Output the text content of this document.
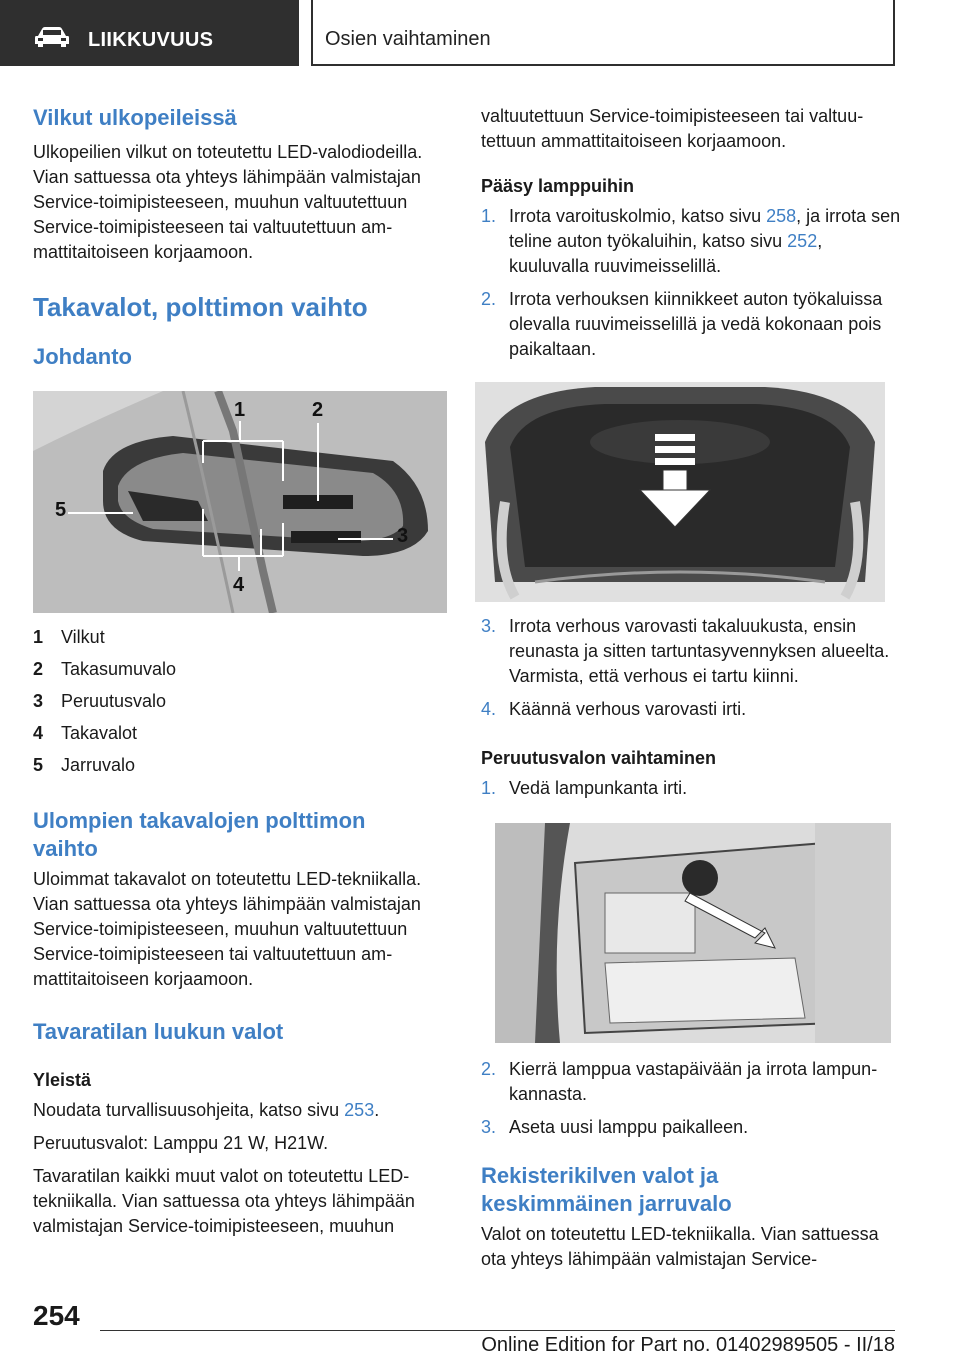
LIIKKUVUUS	Osien vaihtaminen
Vilkut ulkopeileissä

Ulkopeilien vilkut on toteutettu LED-valodiodeilla. Vian sattuessa ota yhteys lähimpään valmistajan Service-toimipisteeseen, muuhun valtuutettuun Service-toimipisteeseen tai valtuutettuun ammattitaitoiseen korjaamoon.

Takavalot, polttimon vaihto
Johdanto
1	2
3
4
5
1 Vilkut
2 Takasumuvalo
3 Peruutusvalo
4 Takavalot
5 Jarruvalo
Ulompien takavalojen polttimon vaihto

Uloimmat takavalot on toteutettu LED-tekniikalla. Vian sattuessa ota yhteys lähimpään valmistajan Service-toimipisteeseen, muuhun valtuutettuun Service-toimipisteeseen tai valtuutettuun ammattitaitoiseen korjaamoon.

Tavaratilan luukun valot
Yleistä

Noudata turvallisuusohjeita, katso sivu 253.

Peruutusvalot: Lamppu 21 W, H21W.

Tavaratilan kaikki muut valot on toteutettu LED-tekniikalla. Vian sattuessa ota yhteys lähimpään valmistajan Service-toimipisteeseen, muuhun

valtuutettuun Service-toimipisteeseen tai valtuutettuun ammattitaitoiseen korjaamoon.

Pääsy lamppuihin
1. Irrota varoituskolmio, katso sivu 258, ja irrota sen teline auton työkaluihin, katso sivu 252, kuuluvalla ruuvimeisselillä.
2. Irrota verhouksen kiinnikkeet auton työkaluissa olevalla ruuvimeisselillä ja vedä kokonaan pois paikaltaan.
3. Irrota verhous varovasti takaluukusta, ensin reunasta ja sitten tartuntasyvennyksen alueelta. Varmista, että verhous ei tartu kiinni.
4. Käännä verhous varovasti irti.
Peruutusvalon vaihtaminen
1. Vedä lampunkanta irti.
2. Kierrä lamppua vastapäivään ja irrota lampunkannasta.
3. Aseta uusi lamppu paikalleen.
Rekisterikilven valot ja keskimmäinen jarruvalo

Valot on toteutettu LED-tekniikalla. Vian sattuessa ota yhteys lähimpään valmistajan Service-

254
Online Edition for Part no. 01402989505 - II/18
